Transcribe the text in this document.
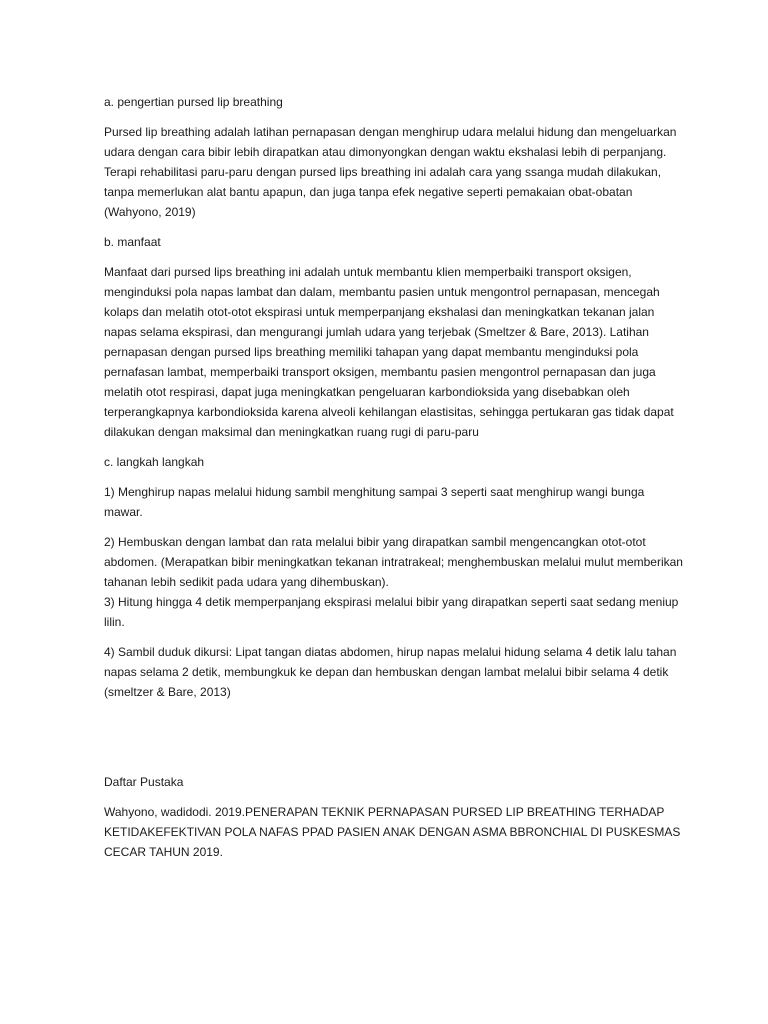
a. pengertian pursed lip breathing

Pursed lip breathing adalah latihan pernapasan dengan menghirup udara melalui hidung dan mengeluarkan udara dengan cara bibir lebih dirapatkan atau dimonyongkan dengan waktu ekshalasi lebih di perpanjang. Terapi rehabilitasi paru-paru dengan pursed lips breathing ini adalah cara yang ssanga mudah dilakukan, tanpa memerlukan alat bantu apapun, dan juga tanpa efek negative seperti pemakaian obat-obatan (Wahyono, 2019)

b. manfaat

Manfaat dari pursed lips breathing ini adalah untuk membantu klien memperbaiki transport oksigen, menginduksi pola napas lambat dan dalam, membantu pasien untuk mengontrol pernapasan, mencegah kolaps dan melatih otot-otot ekspirasi untuk memperpanjang ekshalasi dan meningkatkan tekanan jalan napas selama ekspirasi, dan mengurangi jumlah udara yang terjebak (Smeltzer & Bare, 2013). Latihan pernapasan dengan pursed lips breathing memiliki tahapan yang dapat membantu menginduksi pola pernafasan lambat, memperbaiki transport oksigen, membantu pasien mengontrol pernapasan dan juga melatih otot respirasi, dapat juga meningkatkan pengeluaran karbondioksida yang disebabkan oleh terperangkapnya karbondioksida karena alveoli kehilangan elastisitas, sehingga pertukaran gas tidak dapat dilakukan dengan maksimal dan meningkatkan ruang rugi di paru-paru

c. langkah langkah

1) Menghirup napas melalui hidung sambil menghitung sampai 3 seperti saat menghirup wangi bunga mawar.

2) Hembuskan dengan lambat dan rata melalui bibir yang dirapatkan sambil mengencangkan otot-otot abdomen. (Merapatkan bibir meningkatkan tekanan intratrakeal; menghembuskan melalui mulut memberikan tahanan lebih sedikit pada udara yang dihembuskan).

3) Hitung hingga 4 detik memperpanjang ekspirasi melalui bibir yang dirapatkan seperti saat sedang meniup lilin.

4) Sambil duduk dikursi: Lipat tangan diatas abdomen, hirup napas melalui hidung selama 4 detik lalu tahan napas selama 2 detik, membungkuk ke depan dan hembuskan dengan lambat melalui bibir selama 4 detik (smeltzer & Bare, 2013)

Daftar Pustaka

Wahyono, wadidodi. 2019.PENERAPAN TEKNIK PERNAPASAN PURSED LIP BREATHING TERHADAP KETIDAKEFEKTIVAN POLA NAFAS PPAD PASIEN ANAK DENGAN ASMA BBRONCHIAL DI PUSKESMAS CECAR TAHUN 2019.
